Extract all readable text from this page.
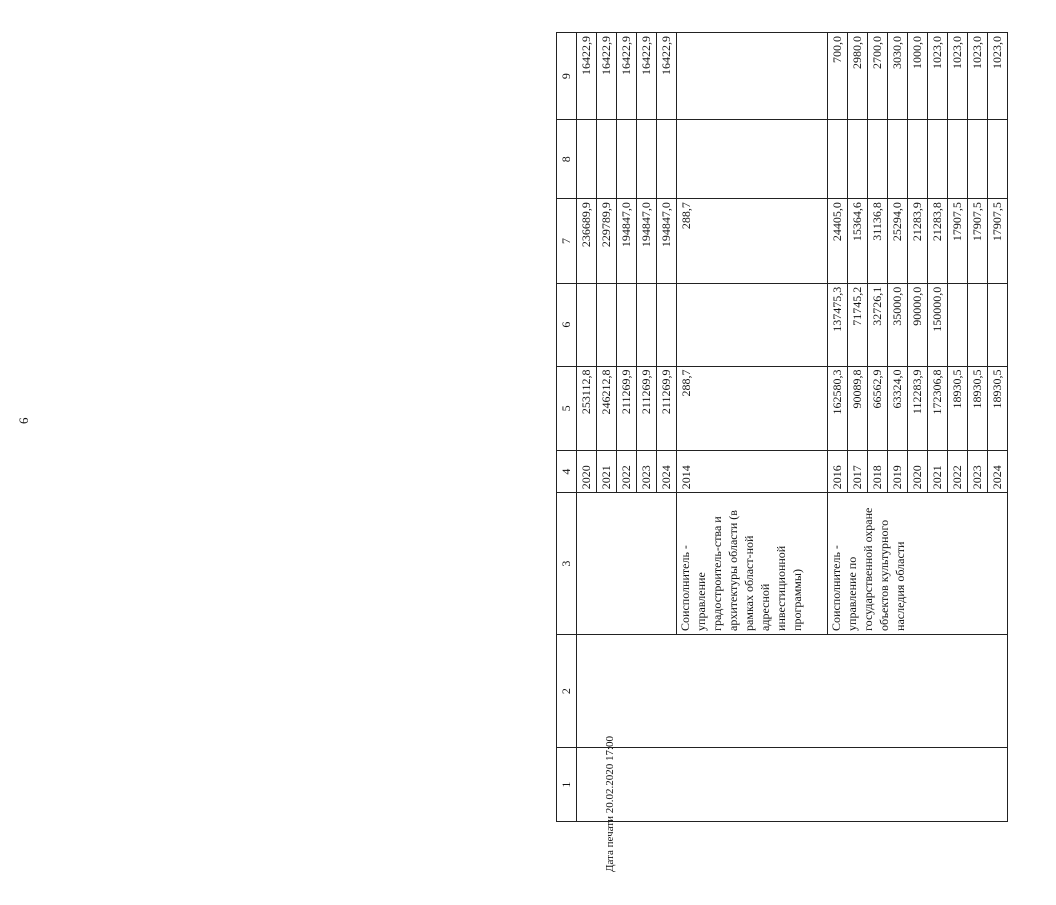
6
Дата печати 20.02.2020 17:00
1	2	3	4	5	6	7	8	9
			2020	253112,8		236689,9		16422,9
			2021	246212,8		229789,9		16422,9
			2022	211269,9		194847,0		16422,9
			2023	211269,9		194847,0		16422,9
			2024	211269,9		194847,0		16422,9
		Соисполнитель - управление градостроитель-ства и архитектуры области (в рамках област-ной адресной инвестиционной программы)	2014	288,7		288,7		
		Соисполнитель - управление по государственной охране объектов культурного наследия области	2016	162580,3	137475,3	24405,0		700,0
			2017	90089,8	71745,2	15364,6		2980,0
			2018	66562,9	32726,1	31136,8		2700,0
			2019	63324,0	35000,0	25294,0		3030,0
			2020	112283,9	90000,0	21283,9		1000,0
			2021	172306,8	150000,0	21283,8		1023,0
			2022	18930,5		17907,5		1023,0
			2023	18930,5		17907,5		1023,0
			2024	18930,5		17907,5		1023,0
